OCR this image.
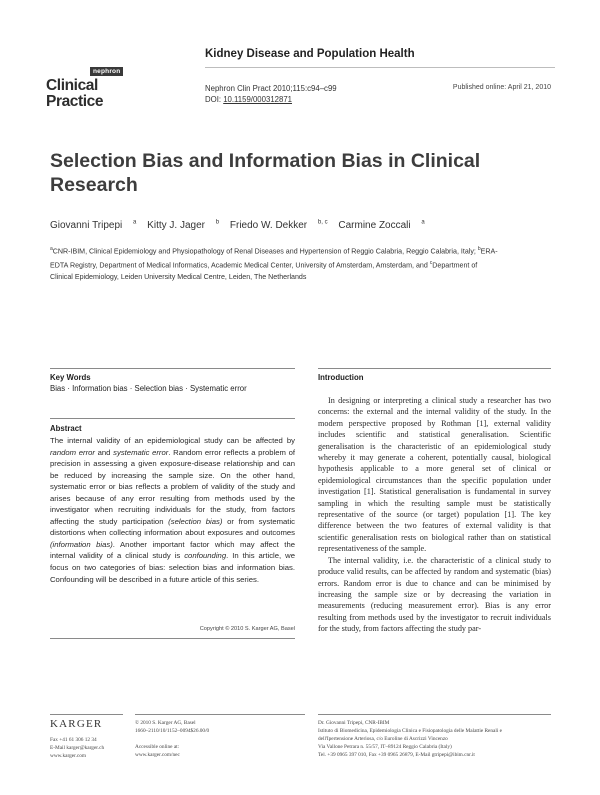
Kidney Disease and Population Health
nephron
Clinical
Practice
Nephron Clin Pract 2010;115:c94–c99
DOI: 10.1159/000312871
Published online: April 21, 2010
Selection Bias and Information Bias in Clinical Research
Giovanni Tripepi $^a$ Kitty J. Jager $^b$ Friedo W. Dekker $^{b, c}$ Carmine Zoccali $^a$
$^a$CNR-IBIM, Clinical Epidemiology and Physiopathology of Renal Diseases and Hypertension of Reggio Calabria, Reggio Calabria, Italy; $^b$ERA-EDTA Registry, Department of Medical Informatics, Academic Medical Center, University of Amsterdam, Amsterdam, and $^c$Department of Clinical Epidemiology, Leiden University Medical Centre, Leiden, The Netherlands
Key Words
Bias · Information bias · Selection bias · Systematic error
Abstract
The internal validity of an epidemiological study can be affected by random error and systematic error. Random error reflects a problem of precision in assessing a given exposure-disease relationship and can be reduced by increasing the sample size. On the other hand, systematic error or bias reflects a problem of validity of the study and arises because of any error resulting from methods used by the investigator when recruiting individuals for the study, from factors affecting the study participation (selection bias) or from systematic distortions when collecting information about exposures and outcomes (information bias). Another important factor which may affect the internal validity of a clinical study is confounding. In this article, we focus on two categories of bias: selection bias and information bias. Confounding will be described in a future article of this series.
Copyright © 2010 S. Karger AG, Basel
Introduction

In designing or interpreting a clinical study a researcher has two concerns: the external and the internal validity of the study. In the modern perspective proposed by Rothman [1], external validity includes scientific and statistical generalisation. Scientific generalisation is the characteristic of an epidemiological study whereby it may generate a coherent, potentially causal, biological hypothesis applicable to a more general set of clinical or epidemiological circumstances than the specific population under investigation [1]. Statistical generalisation is fundamental in survey sampling in which the resulting sample must be statistically representative of the source (or target) population [1]. The key difference between the two features of external validity is that scientific generalisation rests on biological rather than on statistical representativeness of the sample.

The internal validity, i.e. the characteristic of a clinical study to produce valid results, can be affected by random and systematic (bias) errors. Random error is due to chance and can be minimised by increasing the sample size or by decreasing the variation in measurements (reducing measurement error). Bias is any error resulting from methods used by the investigator to recruit individuals for the study, from factors affecting the study par-

KARGER
Fax +41 61 306 12 34
E-Mail karger@karger.ch
www.karger.com
© 2010 S. Karger AG, Basel
1660–2110/10/1152–0094$26.00/0

Accessible online at:
www.karger.com/nec
Dr. Giovanni Tripepi, CNR-IBIM
Istituto di Biomedicina, Epidemiologia Clinica e Fisiopatologia delle Malattie Renali e
dell'Ipertensione Arteriosa, c/o Euroline di Ascrizzi Vincenzo
Via Vallone Petrara n. 55/57, IT–89124 Reggio Calabria (Italy)
Tel. +39 0965 397 010, Fax +39 0965 26879, E-Mail gtripepi@ibim.cnr.it
